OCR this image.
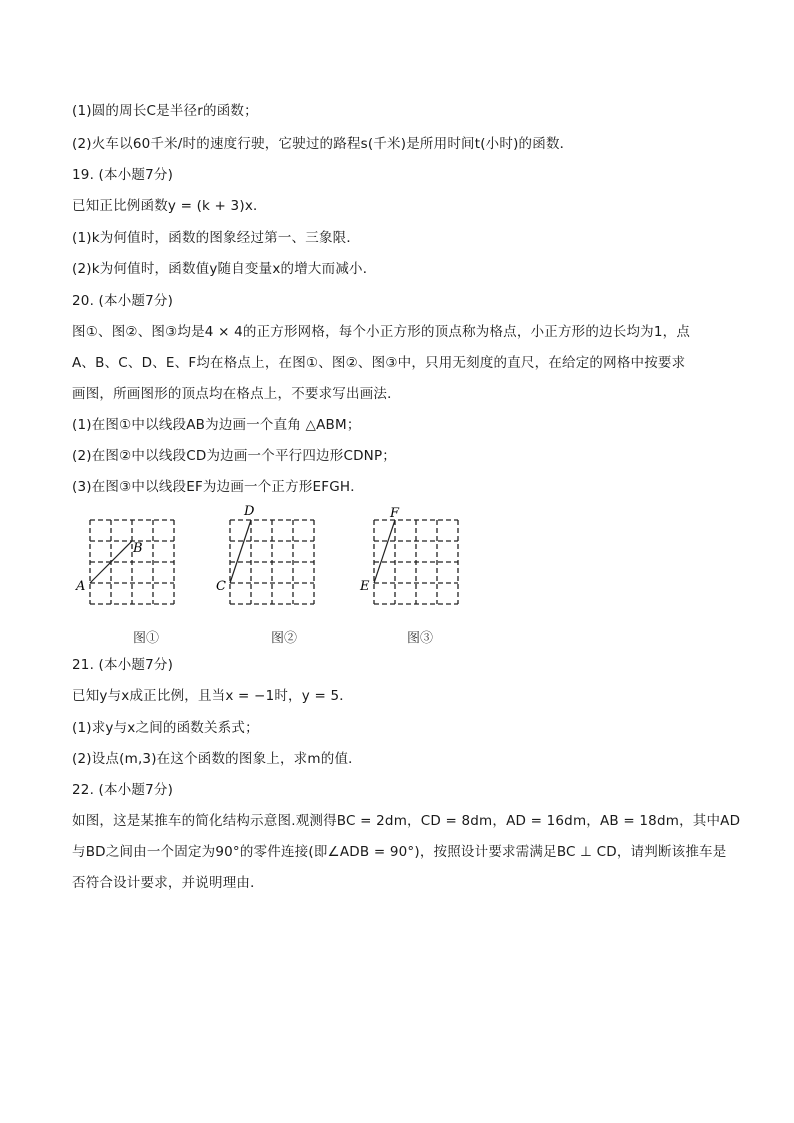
(1)圆的周长C是半径r的函数；
(2)火车以60千米/时的速度行驶，它驶过的路程s(千米)是所用时间t(小时)的函数．
19. (本小题7分)
已知正比例函数y = (k + 3)x．
(1)k为何值时，函数的图象经过第一、三象限．
(2)k为何值时，函数值y随自变量x的增大而减小．
20. (本小题7分)
图①、图②、图③均是4 × 4的正方形网格，每个小正方形的顶点称为格点，小正方形的边长均为1，点
A、B、C、D、E、F均在格点上，在图①、图②、图③中，只用无刻度的直尺，在给定的网格中按要求
画图，所画图形的顶点均在格点上，不要求写出画法．
(1)在图①中以线段AB为边画一个直角 △ABM；
(2)在图②中以线段CD为边画一个平行四边形CDNP；
(3)在图③中以线段EF为边画一个正方形EFGH．
A
B
图①
C
D
图②
E
F
图③
21. (本小题7分)
已知y与x成正比例，且当x = −1时，y = 5．
(1)求y与x之间的函数关系式；
(2)设点(m,3)在这个函数的图象上，求m的值．
22. (本小题7分)
如图，这是某推车的简化结构示意图.观测得BC = 2dm，CD = 8dm，AD = 16dm，AB = 18dm，其中AD
与BD之间由一个固定为90°的零件连接(即∠ADB = 90°)，按照设计要求需满足BC ⊥ CD，请判断该推车是
否符合设计要求，并说明理由．
